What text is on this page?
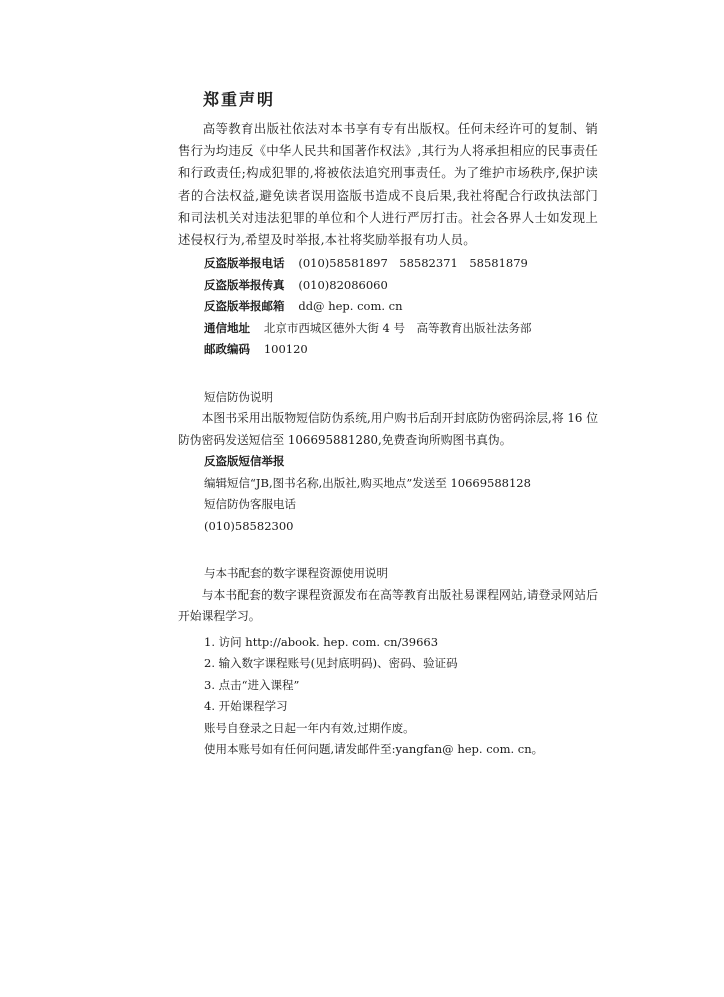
郑重声明

高等教育出版社依法对本书享有专有出版权。任何未经许可的复制、销售行为均违反《中华人民共和国著作权法》,其行为人将承担相应的民事责任和行政责任;构成犯罪的,将被依法追究刑事责任。为了维护市场秩序,保护读者的合法权益,避免读者误用盗版书造成不良后果,我社将配合行政执法部门和司法机关对违法犯罪的单位和个人进行严厉打击。社会各界人士如发现上述侵权行为,希望及时举报,本社将奖励举报有功人员。

反盗版举报电话 (010)58581897　58582371　58581879
反盗版举报传真 (010)82086060
反盗版举报邮箱 dd@ hep. com. cn
通信地址 北京市西城区德外大街 4 号　高等教育出版社法务部
邮政编码 100120

短信防伪说明

本图书采用出版物短信防伪系统,用户购书后刮开封底防伪密码涂层,将 16 位防伪密码发送短信至 106695881280,免费查询所购图书真伪。

反盗版短信举报

编辑短信“JB,图书名称,出版社,购买地点”发送至 10669588128

短信防伪客服电话

(010)58582300

与本书配套的数字课程资源使用说明

与本书配套的数字课程资源发布在高等教育出版社易课程网站,请登录网站后开始课程学习。

1. 访问 http://abook. hep. com. cn/39663
2. 输入数字课程账号(见封底明码)、密码、验证码
3. 点击“进入课程”
4. 开始课程学习

账号自登录之日起一年内有效,过期作废。

使用本账号如有任何问题,请发邮件至:yangfan@ hep. com. cn。
